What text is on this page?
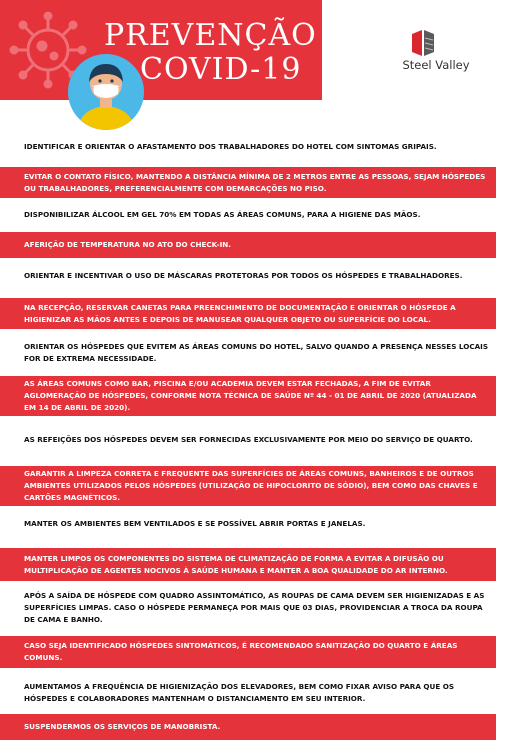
PREVENÇÃO
COVID-19	Steel Valley
IDENTIFICAR E ORIENTAR O AFASTAMENTO DOS TRABALHADORES DO HOTEL COM SINTOMAS GRIPAIS.
EVITAR O CONTATO FÍSICO, MANTENDO A DISTÂNCIA MÍNIMA DE 2 METROS ENTRE AS PESSOAS, SEJAM HÓSPEDES OU TRABALHADORES, PREFERENCIALMENTE COM DEMARCAÇÕES NO PISO.
DISPONIBILIZAR ÁLCOOL EM GEL 70% EM TODAS AS ÁREAS COMUNS, PARA A HIGIENE DAS MÃOS.
AFERIÇÃO DE TEMPERATURA NO ATO DO CHECK-IN.
ORIENTAR E INCENTIVAR O USO DE MÁSCARAS PROTETORAS POR TODOS OS HÓSPEDES E TRABALHADORES.
NA RECEPÇÃO, RESERVAR CANETAS PARA PREENCHIMENTO DE DOCUMENTAÇÃO E ORIENTAR O HÓSPEDE A HIGIENIZAR AS MÃOS ANTES E DEPOIS DE MANUSEAR QUALQUER OBJETO OU SUPERFÍCIE DO LOCAL.
ORIENTAR OS HÓSPEDES QUE EVITEM AS ÁREAS COMUNS DO HOTEL, SALVO QUANDO A PRESENÇA NESSES LOCAIS FOR DE EXTREMA NECESSIDADE.
AS ÁREAS COMUNS COMO BAR, PISCINA E/OU ACADEMIA DEVEM ESTAR FECHADAS, A FIM DE EVITAR AGLOMERAÇÃO DE HÓSPEDES, CONFORME NOTA TÉCNICA DE SAÚDE Nº 44 - 01 DE ABRIL DE 2020 (ATUALIZADA EM 14 DE ABRIL DE 2020).
AS REFEIÇÕES DOS HÓSPEDES DEVEM SER FORNECIDAS EXCLUSIVAMENTE POR MEIO DO SERVIÇO DE QUARTO.
GARANTIR A LIMPEZA CORRETA E FREQUENTE DAS SUPERFÍCIES DE ÁREAS COMUNS, BANHEIROS E DE OUTROS AMBIENTES UTILIZADOS PELOS HÓSPEDES (UTILIZAÇÃO DE HIPOCLORITO DE SÓDIO), BEM COMO DAS CHAVES E CARTÕES MAGNÉTICOS.
MANTER OS AMBIENTES BEM VENTILADOS E SE POSSÍVEL ABRIR PORTAS E JANELAS.
MANTER LIMPOS OS COMPONENTES DO SISTEMA DE CLIMATIZAÇÃO DE FORMA A EVITAR A DIFUSÃO OU MULTIPLICAÇÃO DE AGENTES NOCIVOS À SAÚDE HUMANA E MANTER A BOA QUALIDADE DO AR INTERNO.
APÓS A SAÍDA DE HÓSPEDE COM QUADRO ASSINTOMÁTICO, AS ROUPAS DE CAMA DEVEM SER HIGIENIZADAS E AS SUPERFÍCIES LIMPAS. CASO O HÓSPEDE PERMANEÇA POR MAIS QUE 03 DIAS, PROVIDENCIAR A TROCA DA ROUPA DE CAMA E BANHO.
CASO SEJA IDENTIFICADO HÓSPEDES SINTOMÁTICOS, É RECOMENDADO SANITIZAÇÃO DO QUARTO E ÁREAS COMUNS.
AUMENTAMOS A FREQUÊNCIA DE HIGIENIZAÇÃO DOS ELEVADORES, BEM COMO FIXAR AVISO PARA QUE OS HÓSPEDES E COLABORADORES MANTENHAM O DISTANCIAMENTO EM SEU INTERIOR.
SUSPENDERMOS OS SERVIÇOS DE MANOBRISTA.
